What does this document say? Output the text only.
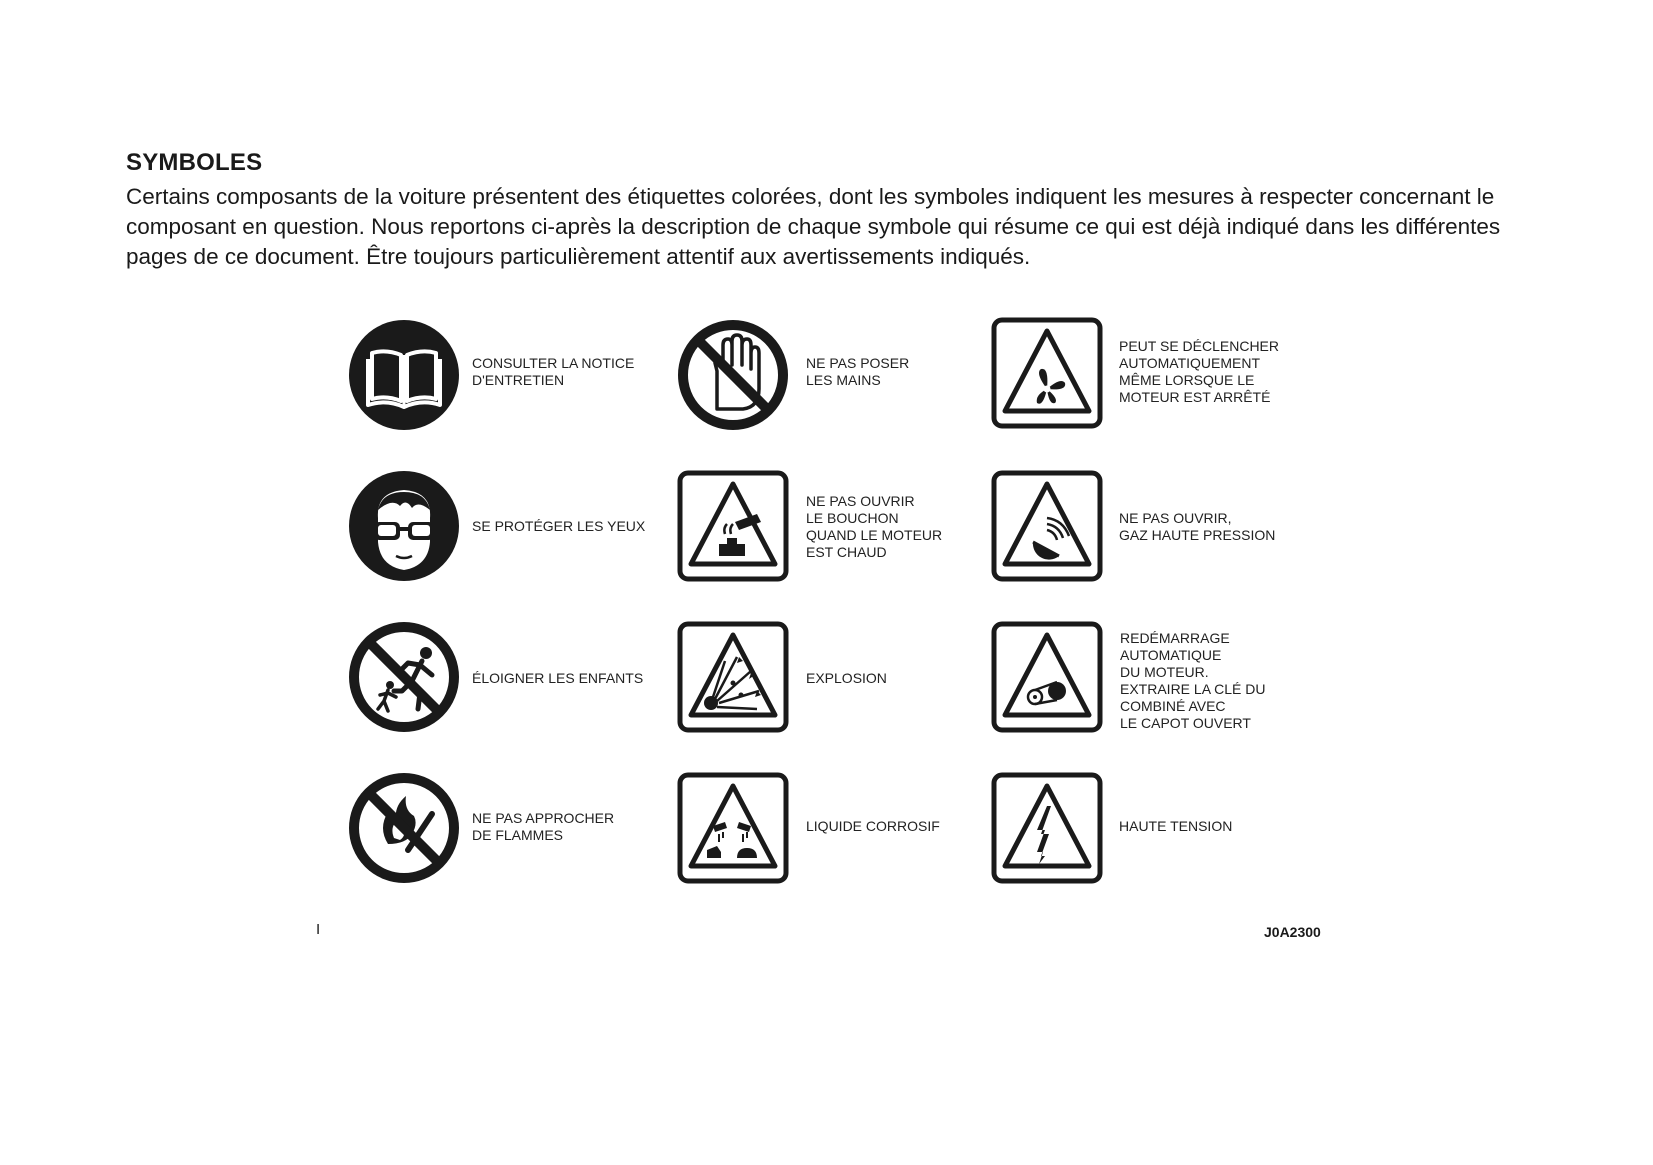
SYMBOLES

Certains composants de la voiture présentent des étiquettes colorées, dont les symboles indiquent les mesures à respecter concernant le composant en question. Nous reportons ci-après la description de chaque symbole qui résume ce qui est déjà indiqué dans les différentes pages de ce document. Être toujours particulièrement attentif aux avertissements indiqués.

CONSULTER LA NOTICE
D'ENTRETIEN
NE PAS POSER
LES MAINS
PEUT SE DÉCLENCHER
AUTOMATIQUEMENT
MÊME LORSQUE LE
MOTEUR EST ARRÊTÉ
SE PROTÉGER LES YEUX
NE PAS OUVRIR
LE BOUCHON
QUAND LE MOTEUR
EST CHAUD
NE PAS OUVRIR,
GAZ HAUTE PRESSION
ÉLOIGNER LES ENFANTS	EXPLOSION
REDÉMARRAGE
AUTOMATIQUE
DU MOTEUR.
EXTRAIRE LA CLÉ DU
COMBINÉ AVEC
LE CAPOT OUVERT
NE PAS APPROCHER
DE FLAMMES
LIQUIDE CORROSIF	HAUTE TENSION
I	J0A2300
